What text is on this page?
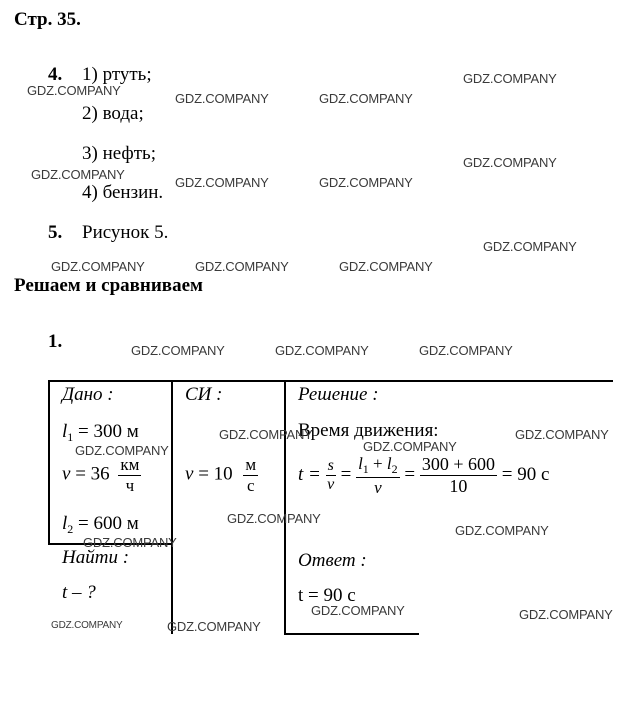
Стр. 35.
4. 1) ртуть;
2) вода;
3) нефть;
4) бензин.
5. Рисунок 5.
Решаем и сравниваем
1.
Дано :
$l_1 = 300$ м
$v = 36 \frac{км}{ч}$
$l_2 = 600$ м
Найти :
t – ?
СИ :
$v = 10 \frac{м}{с}$
Решение :
Время движения:
$t = \frac{s}{v} = \frac{l_1 + l_2}{v} = \frac{300 + 600}{10} = 90$ с
Ответ :
t = 90 с
GDZ.COMPANY
GDZ.COMPANY	GDZ.COMPANY
GDZ.COMPANY
GDZ.COMPANY
GDZ.COMPANY	GDZ.COMPANY
GDZ.COMPANY
GDZ.COMPANY
GDZ.COMPANY	GDZ.COMPANY	GDZ.COMPANY
GDZ.COMPANY	GDZ.COMPANY	GDZ.COMPANY
GDZ.COMPANY
GDZ.COMPANY
GDZ.COMPANY
GDZ.COMPANY
GDZ.COMPANY
GDZ.COMPANY
GDZ.COMPANY
GDZ.COMPANY	GDZ.COMPANY
GDZ.COMPANY	GDZ.COMPANY
